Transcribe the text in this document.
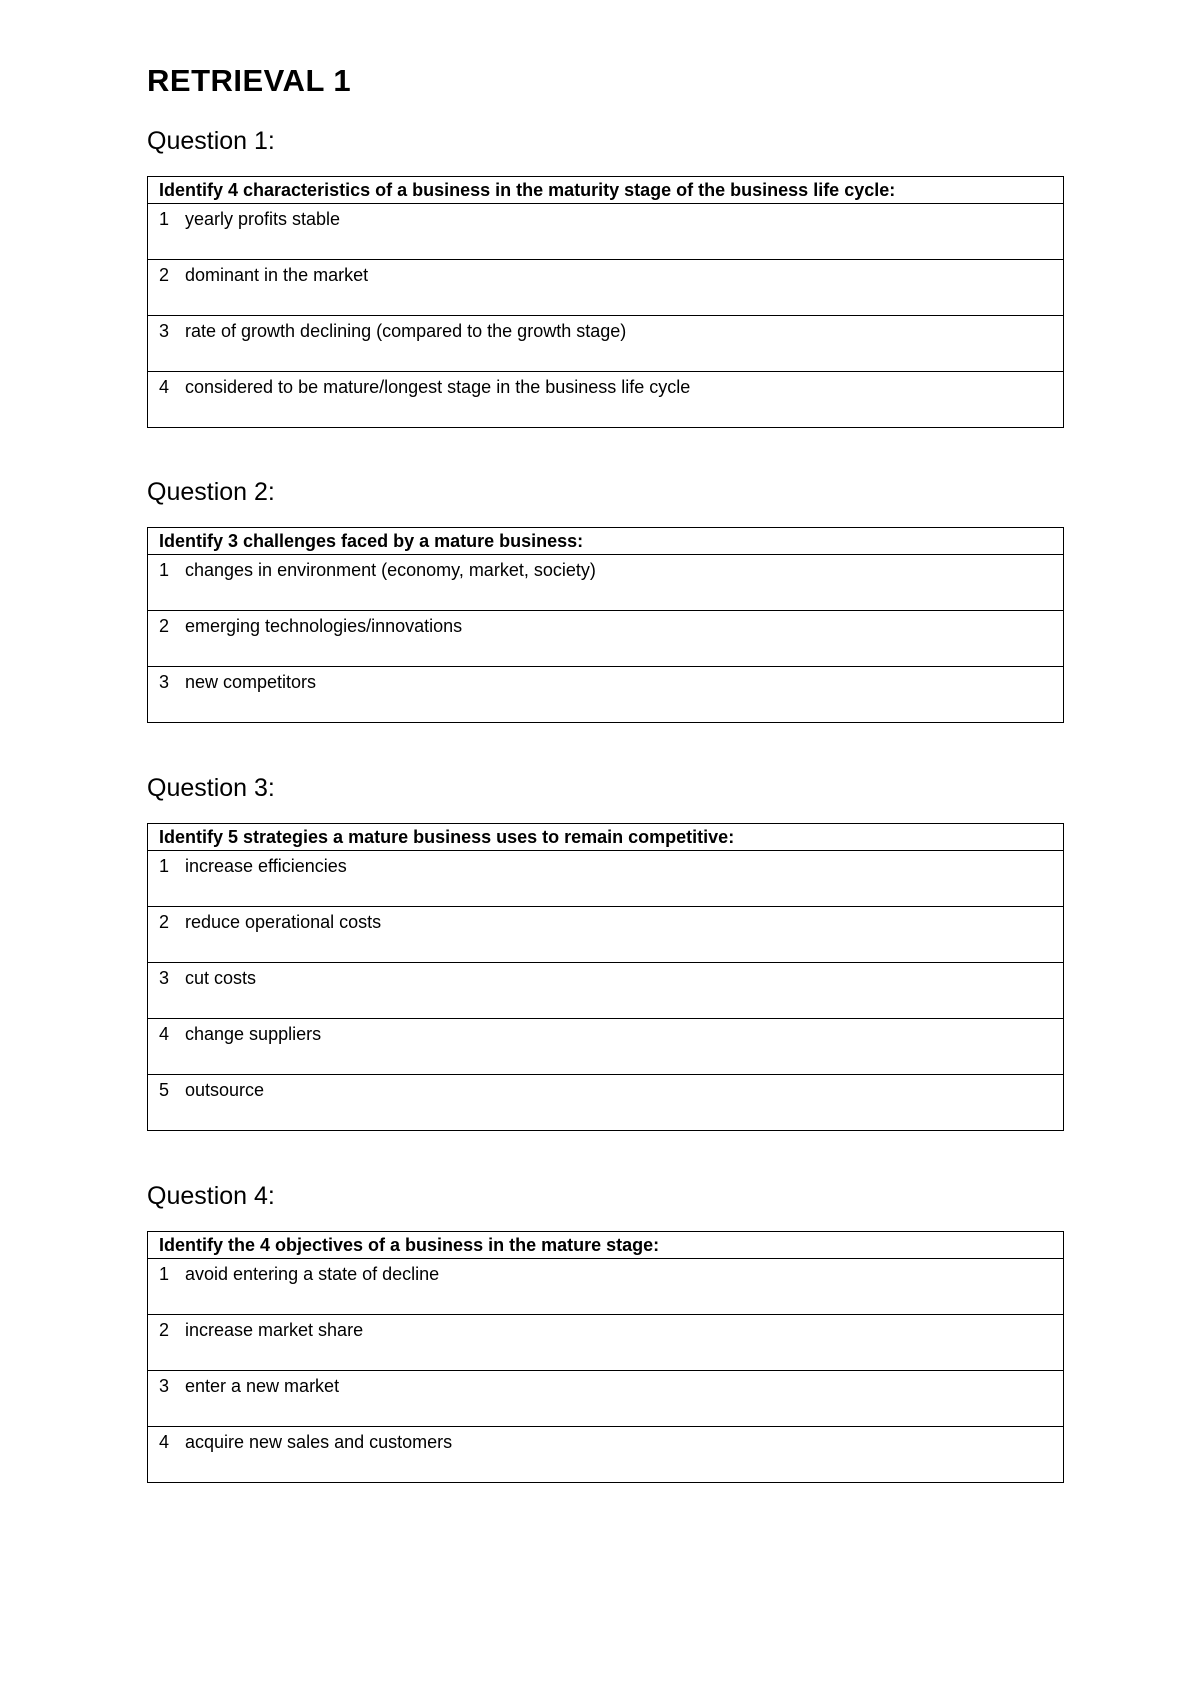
RETRIEVAL 1
Question 1:
Identify 4 characteristics of a business in the maturity stage of the business life cycle:
1 yearly profits stable
2 dominant in the market
3 rate of growth declining (compared to the growth stage)
4 considered to be mature/longest stage in the business life cycle
Question 2:
Identify 3 challenges faced by a mature business:
1 changes in environment (economy, market, society)
2 emerging technologies/innovations
3 new competitors
Question 3:
Identify 5 strategies a mature business uses to remain competitive:
1 increase efficiencies
2 reduce operational costs
3 cut costs
4 change suppliers
5 outsource
Question 4:
Identify the 4 objectives of a business in the mature stage:
1 avoid entering a state of decline
2 increase market share
3 enter a new market
4 acquire new sales and customers
